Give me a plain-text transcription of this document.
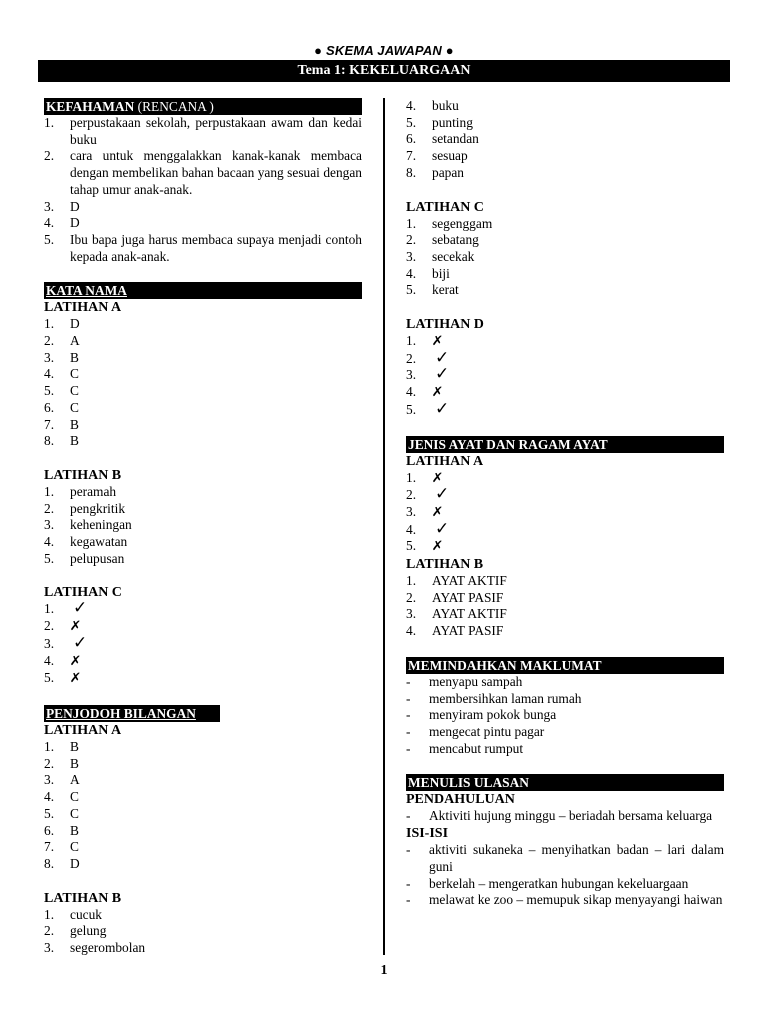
● SKEMA JAWAPAN ●
Tema 1: KEKELUARGAAN
KEFAHAMAN (RENCANA )
1. perpustakaan sekolah, perpustakaan awam dan kedai buku
2. cara untuk menggalakkan kanak-kanak membaca dengan membelikan bahan bacaan yang sesuai dengan tahap umur anak-anak.
3. D
4. D
5. Ibu bapa juga harus membaca supaya menjadi contoh kepada anak-anak.
KATA NAMA
LATIHAN A
1. D
2. A
3. B
4. C
5. C
6. C
7. B
8. B
LATIHAN B
1. peramah
2. pengkritik
3. keheningan
4. kegawatan
5. pelupusan
LATIHAN C
1. ✓
2. ✗
3. ✓
4. ✗
5. ✗
PENJODOH BILANGAN
LATIHAN A
1. B
2. B
3. A
4. C
5. C
6. B
7. C
8. D
LATIHAN B
1. cucuk
2. gelung
3. segerombolan
4. buku
5. punting
6. setandan
7. sesuap
8. papan
LATIHAN C
1. segenggam
2. sebatang
3. secekak
4. biji
5. kerat
LATIHAN D
1. ✗
2. ✓
3. ✓
4. ✗
5. ✓
JENIS AYAT DAN RAGAM AYAT
LATIHAN A
1. ✗
2. ✓
3. ✗
4. ✓
5. ✗
LATIHAN B
1. AYAT AKTIF
2. AYAT PASIF
3. AYAT AKTIF
4. AYAT PASIF
MEMINDAHKAN MAKLUMAT
- menyapu sampah
- membersihkan laman rumah
- menyiram pokok bunga
- mengecat pintu pagar
- mencabut rumput
MENULIS ULASAN
PENDAHULUAN
- Aktiviti hujung minggu – beriadah bersama keluarga
ISI-ISI
- aktiviti sukaneka – menyihatkan badan – lari dalam guni
- berkelah – mengeratkan hubungan kekeluargaan
- melawat ke zoo – memupuk sikap menyayangi haiwan
1
